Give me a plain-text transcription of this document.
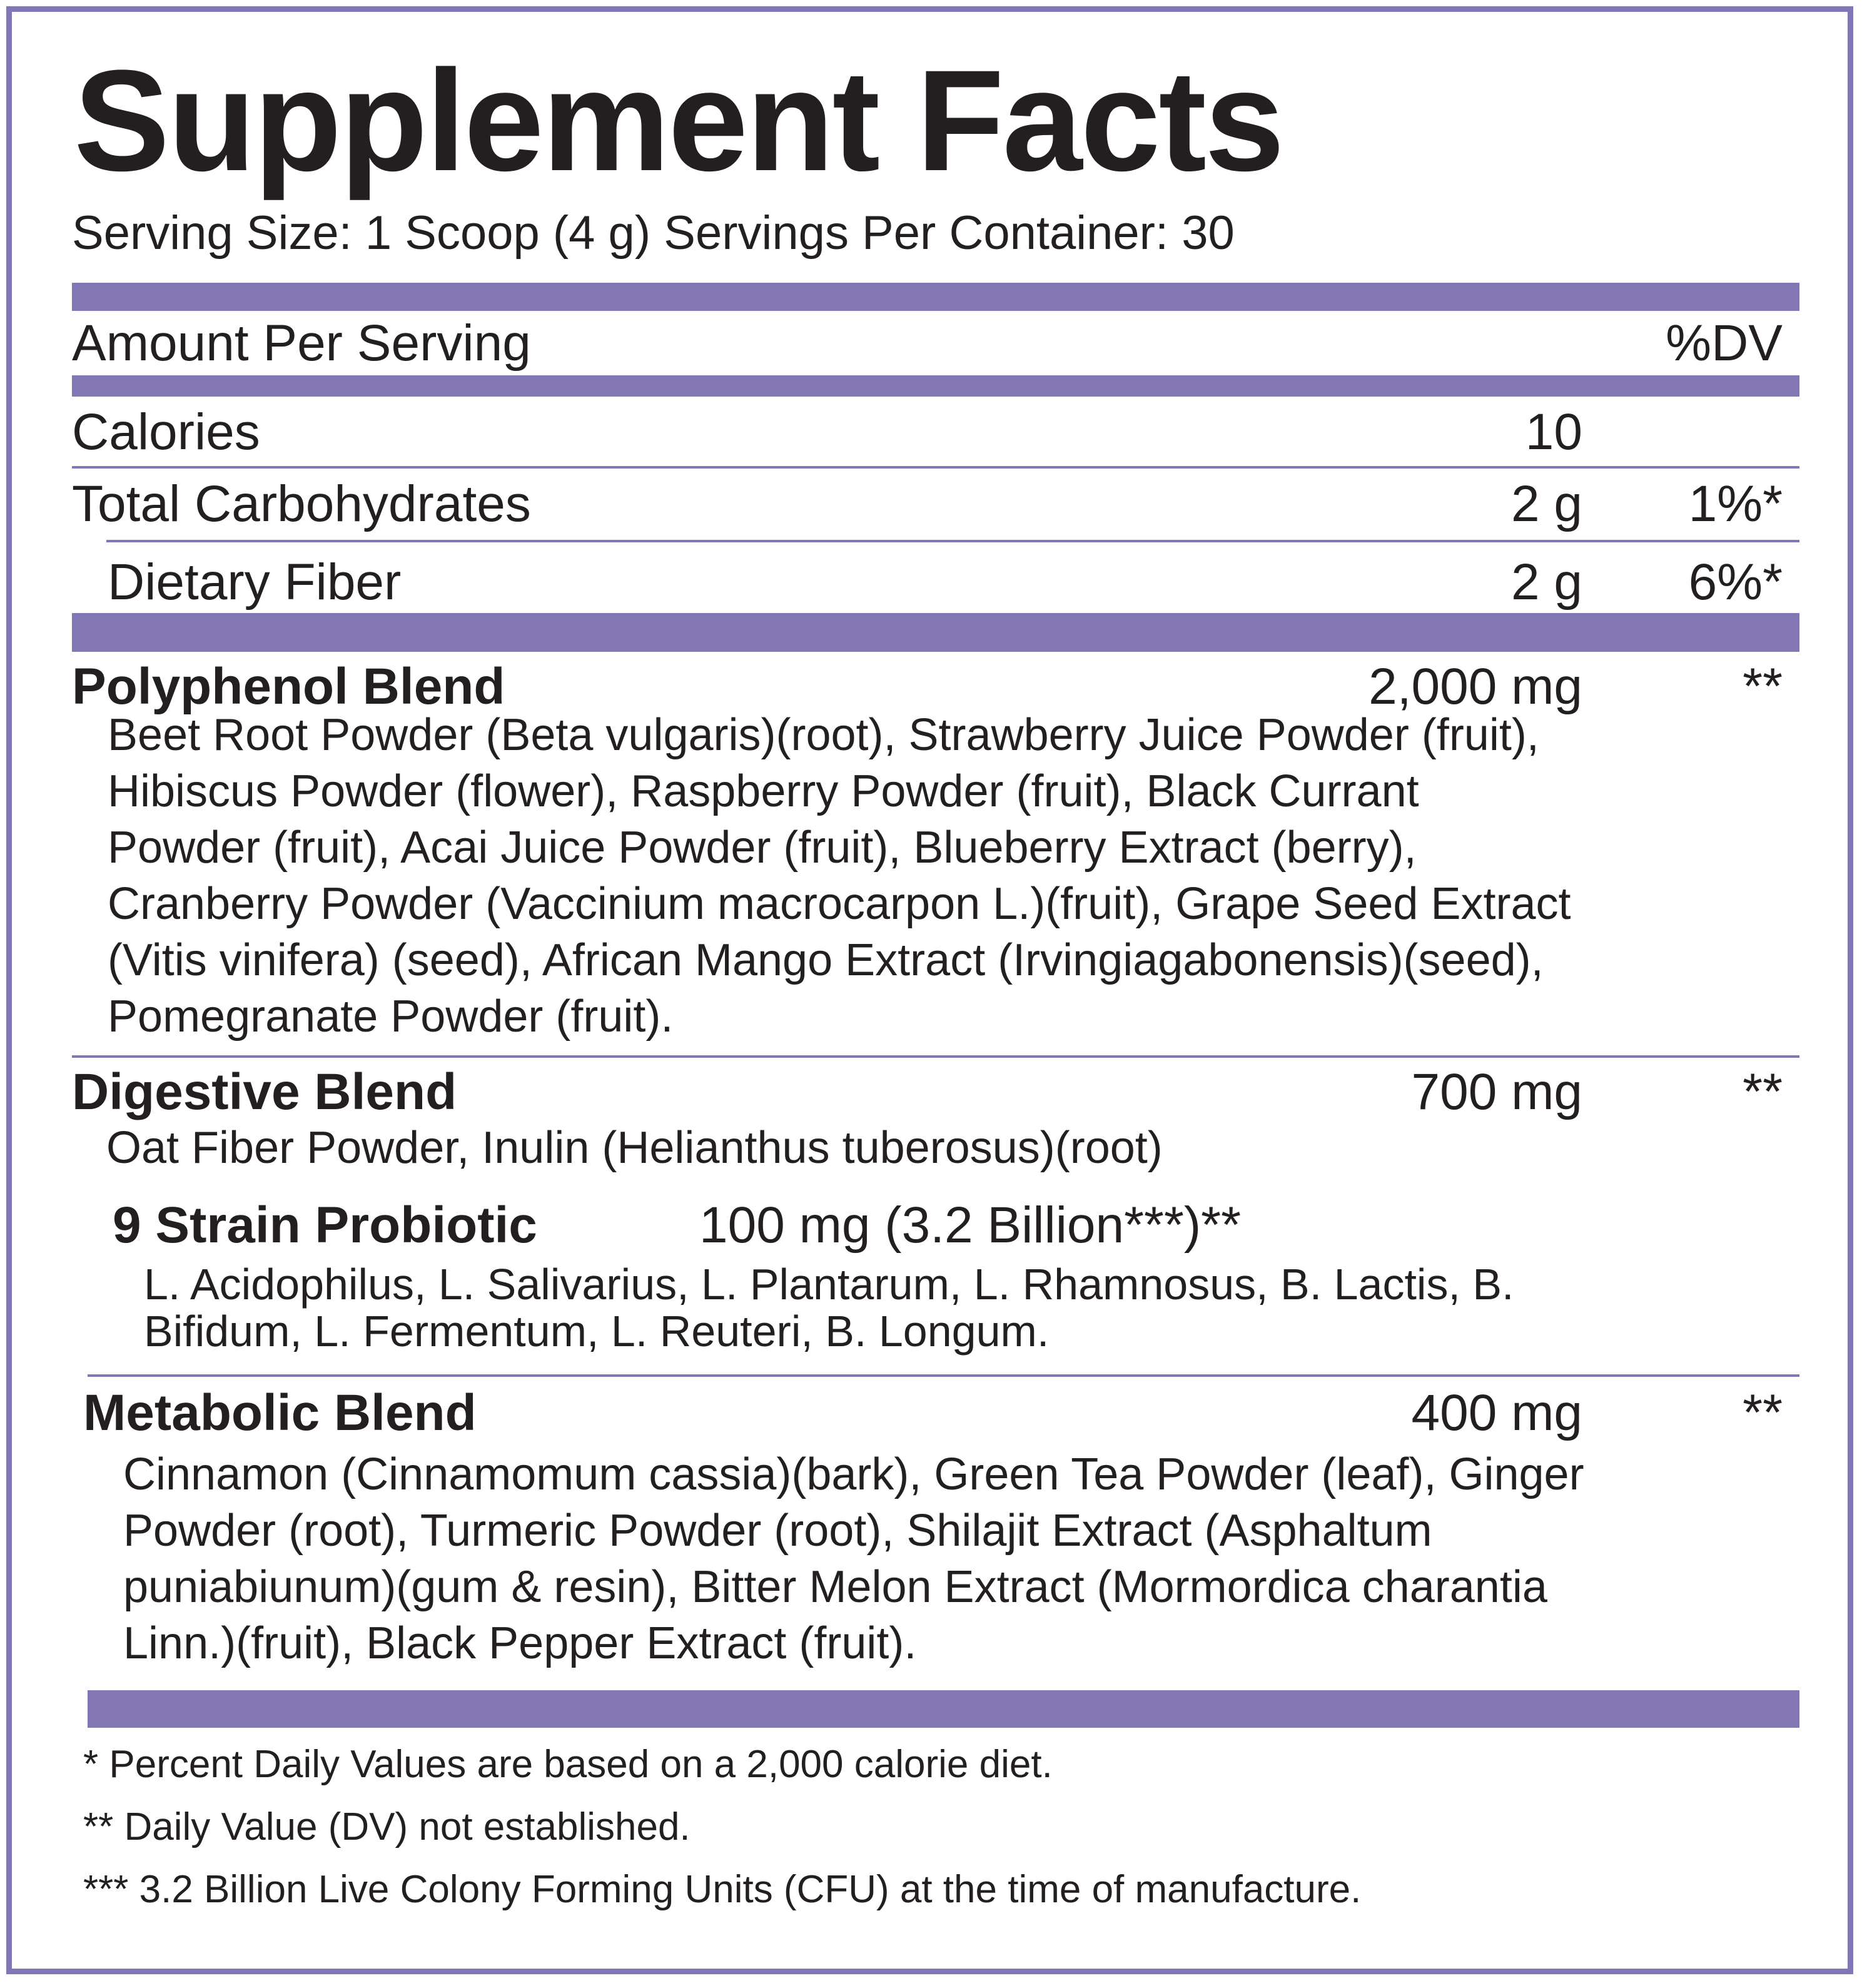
Supplement Facts
Serving Size: 1 Scoop (4 g) Servings Per Container: 30
Amount Per Serving	%DV
Calories	10
Total Carbohydrates	2 g	1%*
Dietary Fiber	2 g	6%*
Polyphenol Blend	2,000 mg	**
Beet Root Powder (Beta vulgaris)(root), Strawberry Juice Powder (fruit), Hibiscus Powder (flower), Raspberry Powder (fruit), Black Currant Powder (fruit), Acai Juice Powder (fruit), Blueberry Extract (berry), Cranberry Powder (Vaccinium macrocarpon L.)(fruit), Grape Seed Extract (Vitis vinifera) (seed), African Mango Extract (Irvingiagabonensis)(seed), Pomegranate Powder (fruit).
Digestive Blend	700 mg	**
Oat Fiber Powder, Inulin (Helianthus tuberosus)(root)
9 Strain Probiotic	100 mg (3.2 Billion***)**
L. Acidophilus, L. Salivarius, L. Plantarum, L. Rhamnosus, B. Lactis, B. Bifidum, L. Fermentum, L. Reuteri, B. Longum.
Metabolic Blend	400 mg	**
Cinnamon (Cinnamomum cassia)(bark), Green Tea Powder (leaf), Ginger Powder (root), Turmeric Powder (root), Shilajit Extract (Asphaltum puniabiunum)(gum & resin), Bitter Melon Extract (Mormordica charantia Linn.)(fruit), Black Pepper Extract (fruit).
* Percent Daily Values are based on a 2,000 calorie diet.
** Daily Value (DV) not established.
*** 3.2 Billion Live Colony Forming Units (CFU) at the time of manufacture.
